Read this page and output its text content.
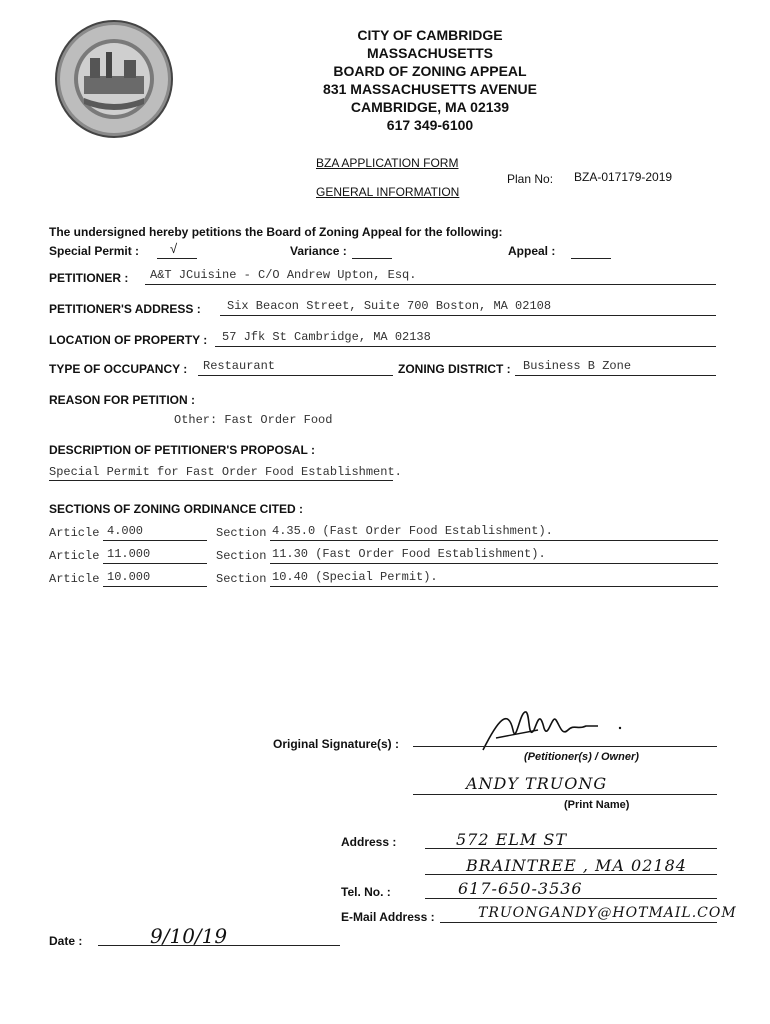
CITY OF CAMBRIDGE
MASSACHUSETTS
BOARD OF ZONING APPEAL
831 MASSACHUSETTS AVENUE
CAMBRIDGE, MA 02139
617 349-6100
BZA APPLICATION FORM
GENERAL INFORMATION
Plan No: BZA-017179-2019
The undersigned hereby petitions the Board of Zoning Appeal for the following:
Special Permit : √	Variance :	Appeal :
PETITIONER : A&T JCuisine - C/O Andrew Upton, Esq.
PETITIONER'S ADDRESS : Six Beacon Street, Suite 700 Boston, MA 02108
LOCATION OF PROPERTY : 57 Jfk St Cambridge, MA 02138
TYPE OF OCCUPANCY : Restaurant	ZONING DISTRICT : Business B Zone
REASON FOR PETITION :
Other: Fast Order Food
DESCRIPTION OF PETITIONER'S PROPOSAL :
Special Permit for Fast Order Food Establishment.
SECTIONS OF ZONING ORDINANCE CITED :
Article 4.000	Section 4.35.0 (Fast Order Food Establishment).
Article 11.000	Section 11.30 (Fast Order Food Establishment).
Article 10.000	Section 10.40 (Special Permit).
Original Signature(s) :
(Petitioner(s) / Owner)
ANDY TRUONG
(Print Name)
Address :	572 ELM ST
BRAINTREE , MA 02184
Tel. No. :	617-650-3536
E-Mail Address :	TRUONGANDY@HOTMAIL.COM
Date :	9/10/19
